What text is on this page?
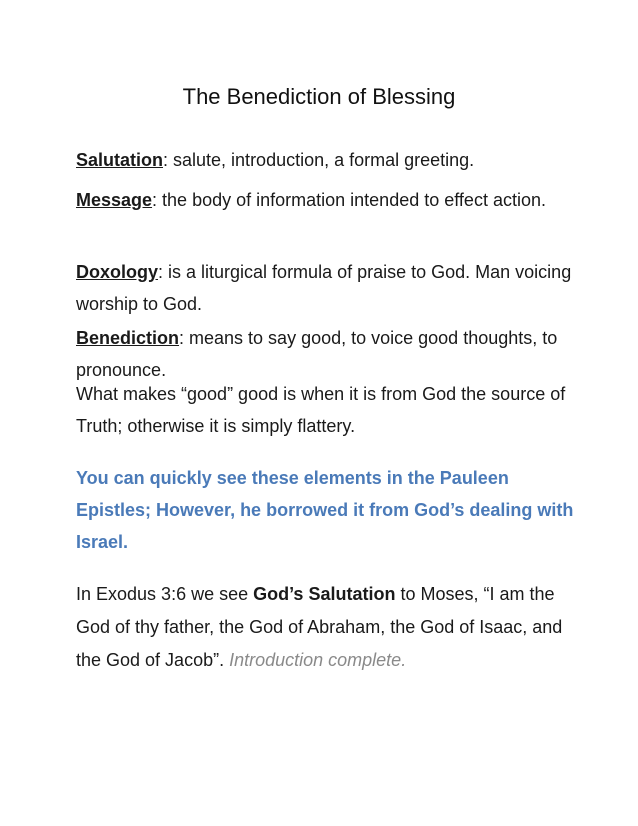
The Benediction of Blessing
Salutation: salute, introduction, a formal greeting.
Message: the body of information intended to effect action.
Doxology: is a liturgical formula of praise to God. Man voicing worship to God.
Benediction: means to say good, to voice good thoughts, to pronounce.
What makes “good” good is when it is from God the source of Truth; otherwise it is simply flattery.
You can quickly see these elements in the Pauleen Epistles; However, he borrowed it from God’s dealing with Israel.
In Exodus 3:6 we see God’s Salutation to Moses, “I am the God of thy father, the God of Abraham, the God of Isaac, and the God of Jacob”. Introduction complete.
